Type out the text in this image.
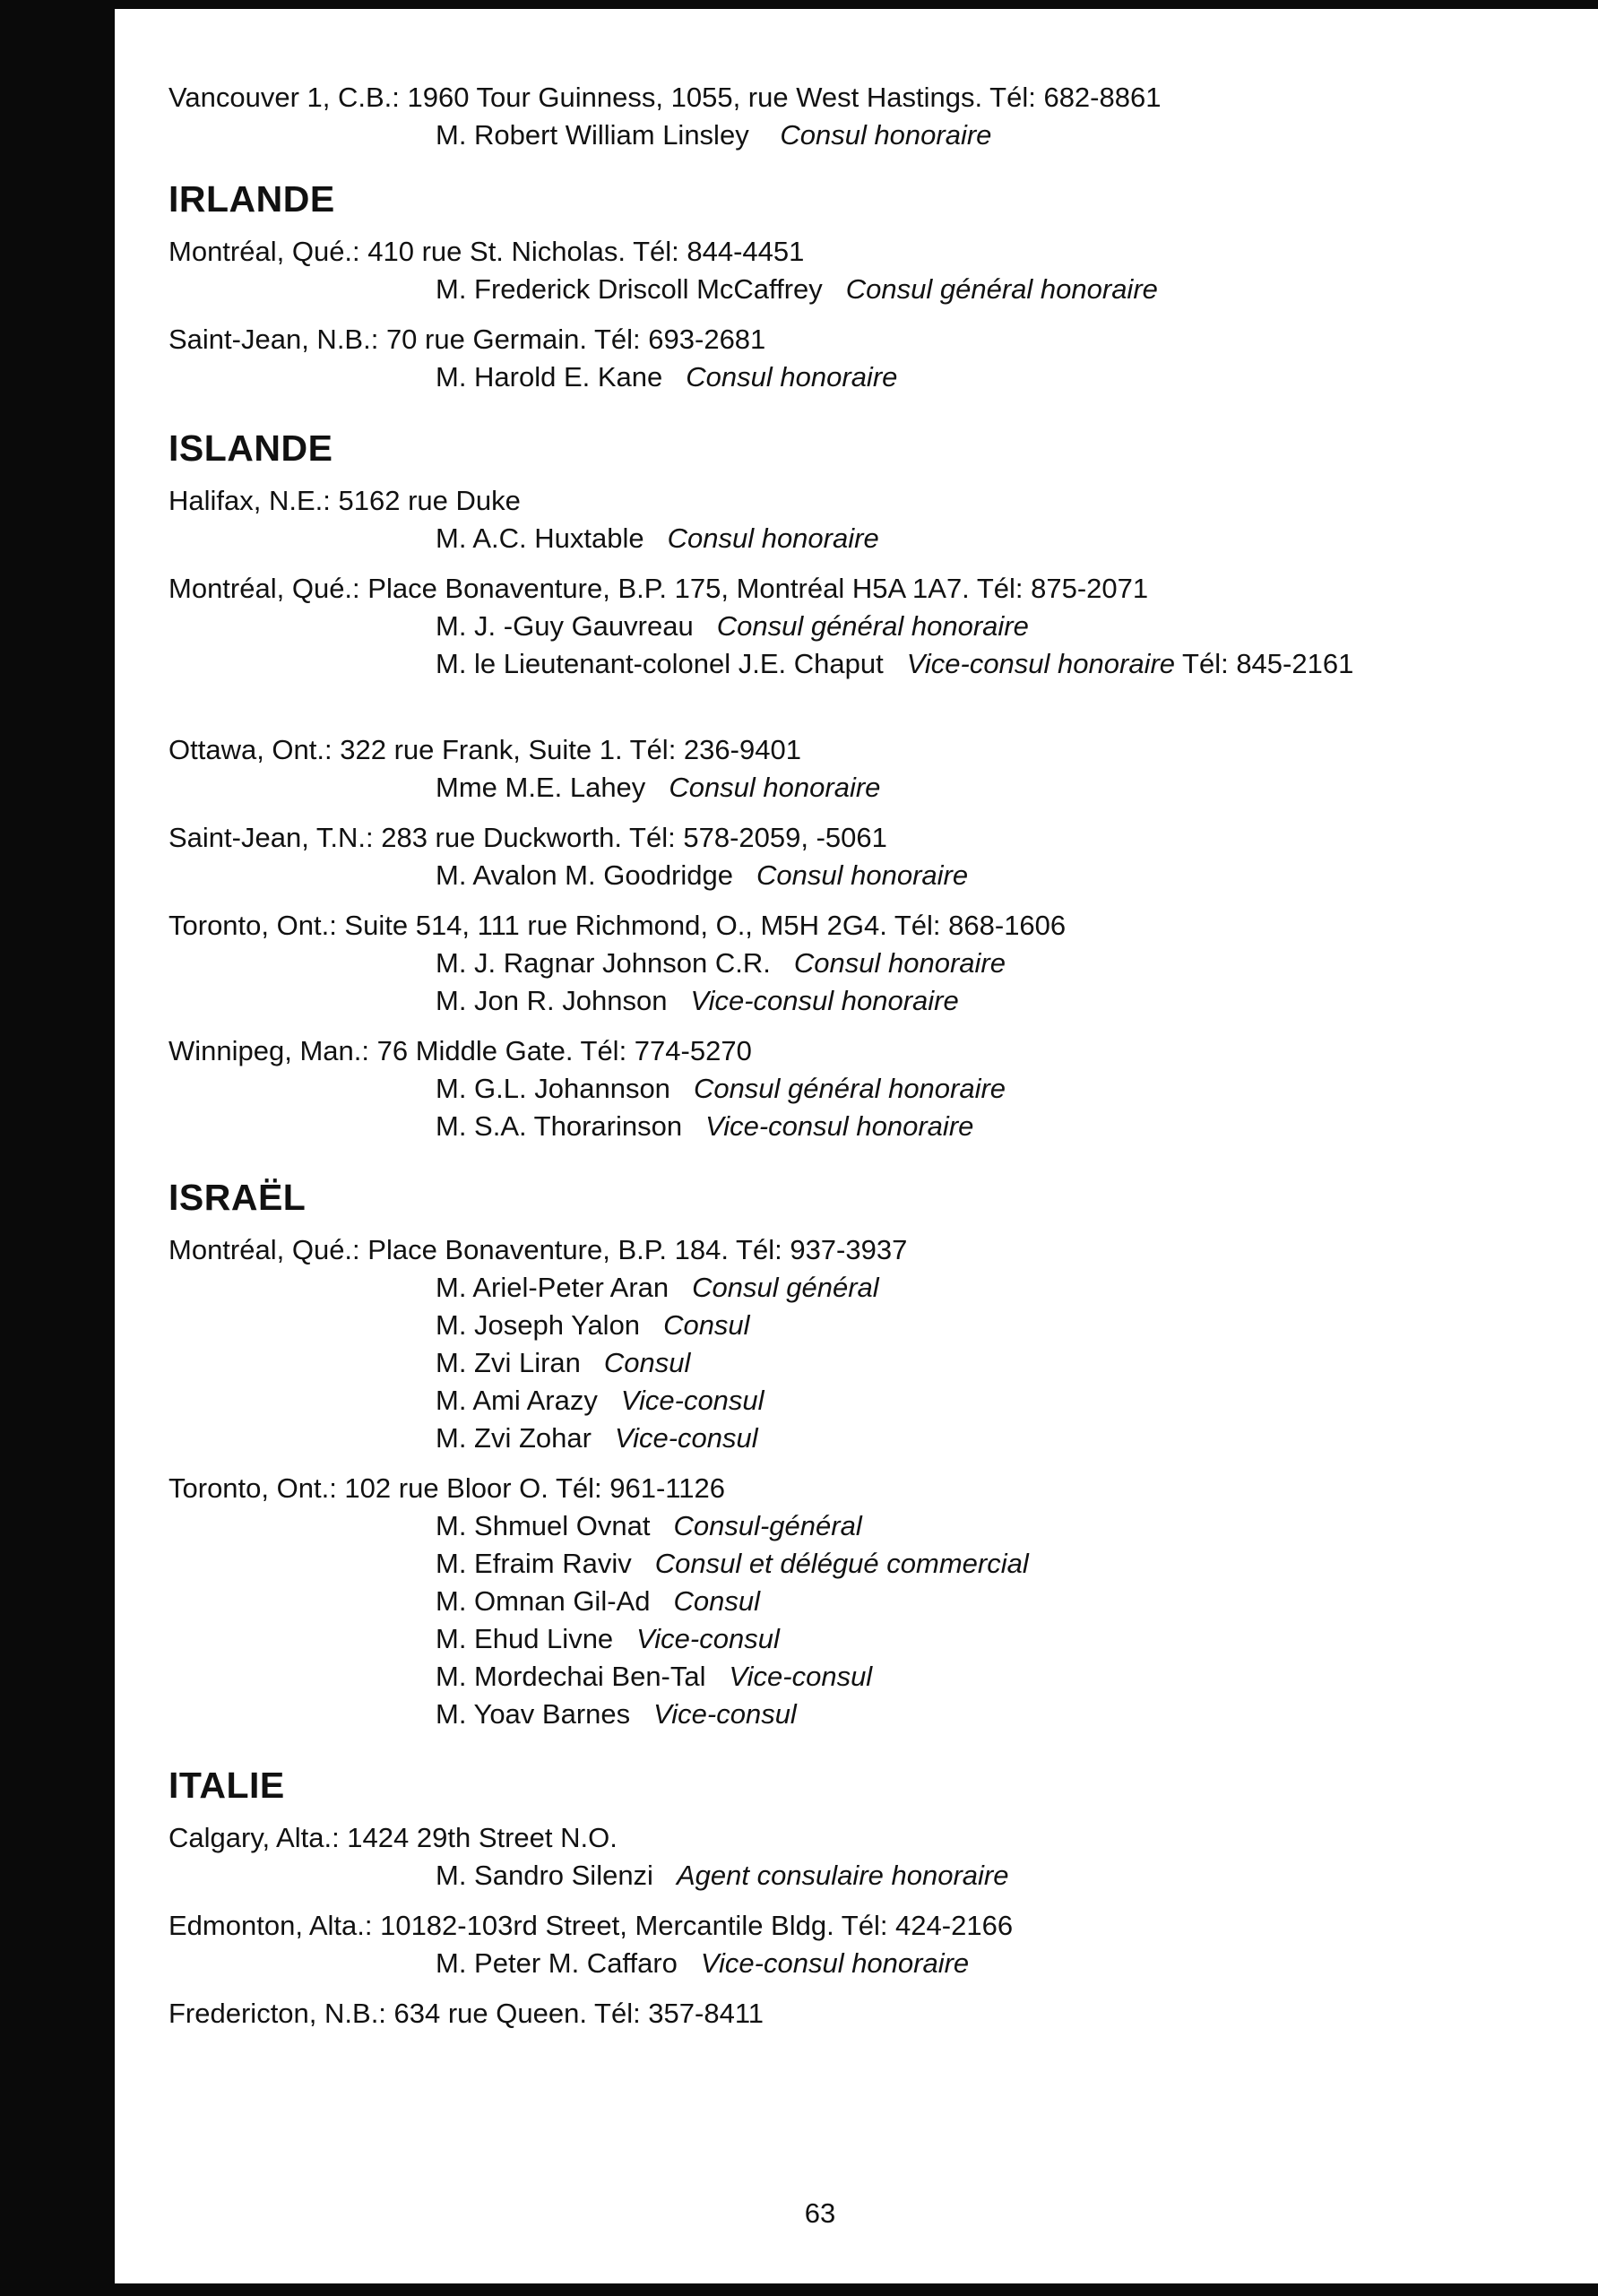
Vancouver 1, C.B.: 1960 Tour Guinness, 1055, rue West Hastings. Tél: 682-8861
M. Robert William Linsley Consul honoraire
IRLANDE
Montréal, Qué.: 410 rue St. Nicholas. Tél: 844-4451
M. Frederick Driscoll McCaffrey Consul général honoraire
Saint-Jean, N.B.: 70 rue Germain. Tél: 693-2681
M. Harold E. Kane Consul honoraire
ISLANDE
Halifax, N.E.: 5162 rue Duke
M. A.C. Huxtable Consul honoraire
Montréal, Qué.: Place Bonaventure, B.P. 175, Montréal H5A 1A7. Tél: 875-2071
M. J. -Guy Gauvreau Consul général honoraire
M. le Lieutenant-colonel J.E. Chaput Vice-consul honoraire Tél: 845-2161
Ottawa, Ont.: 322 rue Frank, Suite 1. Tél: 236-9401
Mme M.E. Lahey Consul honoraire
Saint-Jean, T.N.: 283 rue Duckworth. Tél: 578-2059, -5061
M. Avalon M. Goodridge Consul honoraire
Toronto, Ont.: Suite 514, 111 rue Richmond, O., M5H 2G4. Tél: 868-1606
M. J. Ragnar Johnson C.R. Consul honoraire
M. Jon R. Johnson Vice-consul honoraire
Winnipeg, Man.: 76 Middle Gate. Tél: 774-5270
M. G.L. Johannson Consul général honoraire
M. S.A. Thorarinson Vice-consul honoraire
ISRAËL
Montréal, Qué.: Place Bonaventure, B.P. 184. Tél: 937-3937
M. Ariel-Peter Aran Consul général
M. Joseph Yalon Consul
M. Zvi Liran Consul
M. Ami Arazy Vice-consul
M. Zvi Zohar Vice-consul
Toronto, Ont.: 102 rue Bloor O. Tél: 961-1126
M. Shmuel Ovnat Consul-général
M. Efraim Raviv Consul et délégué commercial
M. Omnan Gil-Ad Consul
M. Ehud Livne Vice-consul
M. Mordechai Ben-Tal Vice-consul
M. Yoav Barnes Vice-consul
ITALIE
Calgary, Alta.: 1424 29th Street N.O.
M. Sandro Silenzi Agent consulaire honoraire
Edmonton, Alta.: 10182-103rd Street, Mercantile Bldg. Tél: 424-2166
M. Peter M. Caffaro Vice-consul honoraire
Fredericton, N.B.: 634 rue Queen. Tél: 357-8411
63
